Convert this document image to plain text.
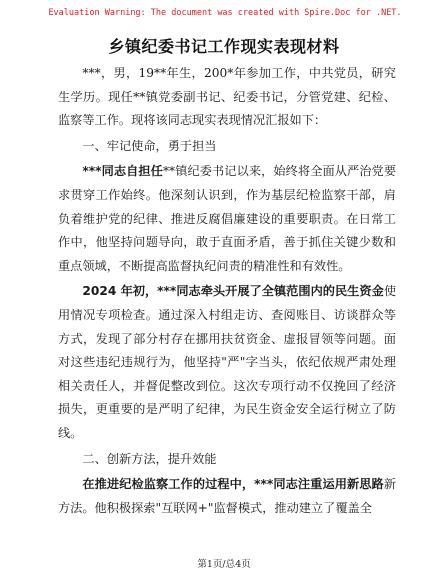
Evaluation Warning: The document was created with Spire.Doc for .NET.
乡镇纪委书记工作现实表现材料

***，男，19**年生，200*年参加工作，中共党员，研究生学历。现任**镇党委副书记、纪委书记，分管党建、纪检、监察等工作。现将该同志现实表现情况汇报如下：

一、牢记使命，勇于担当

***同志自担任**镇纪委书记以来，始终将全面从严治党要求贯穿工作始终。他深刻认识到，作为基层纪检监察干部，肩负着维护党的纪律、推进反腐倡廉建设的重要职责。在日常工作中，他坚持问题导向，敢于直面矛盾，善于抓住关键少数和重点领域，不断提高监督执纪问责的精准性和有效性。

2024 年初，***同志牵头开展了全镇范围内的民生资金使用情况专项检查。通过深入村组走访、查阅账目、访谈群众等方式，发现了部分村存在挪用扶贫资金、虚报冒领等问题。面对这些违纪违规行为，他坚持"严"字当头，依纪依规严肃处理相关责任人，并督促整改到位。这次专项行动不仅挽回了经济损失，更重要的是严明了纪律，为民生资金安全运行树立了防线。

二、创新方法，提升效能

在推进纪检监察工作的过程中，***同志注重运用新思路新方法。他积极探索"互联网+"监督模式，推动建立了覆盖全

第1页/总4页
